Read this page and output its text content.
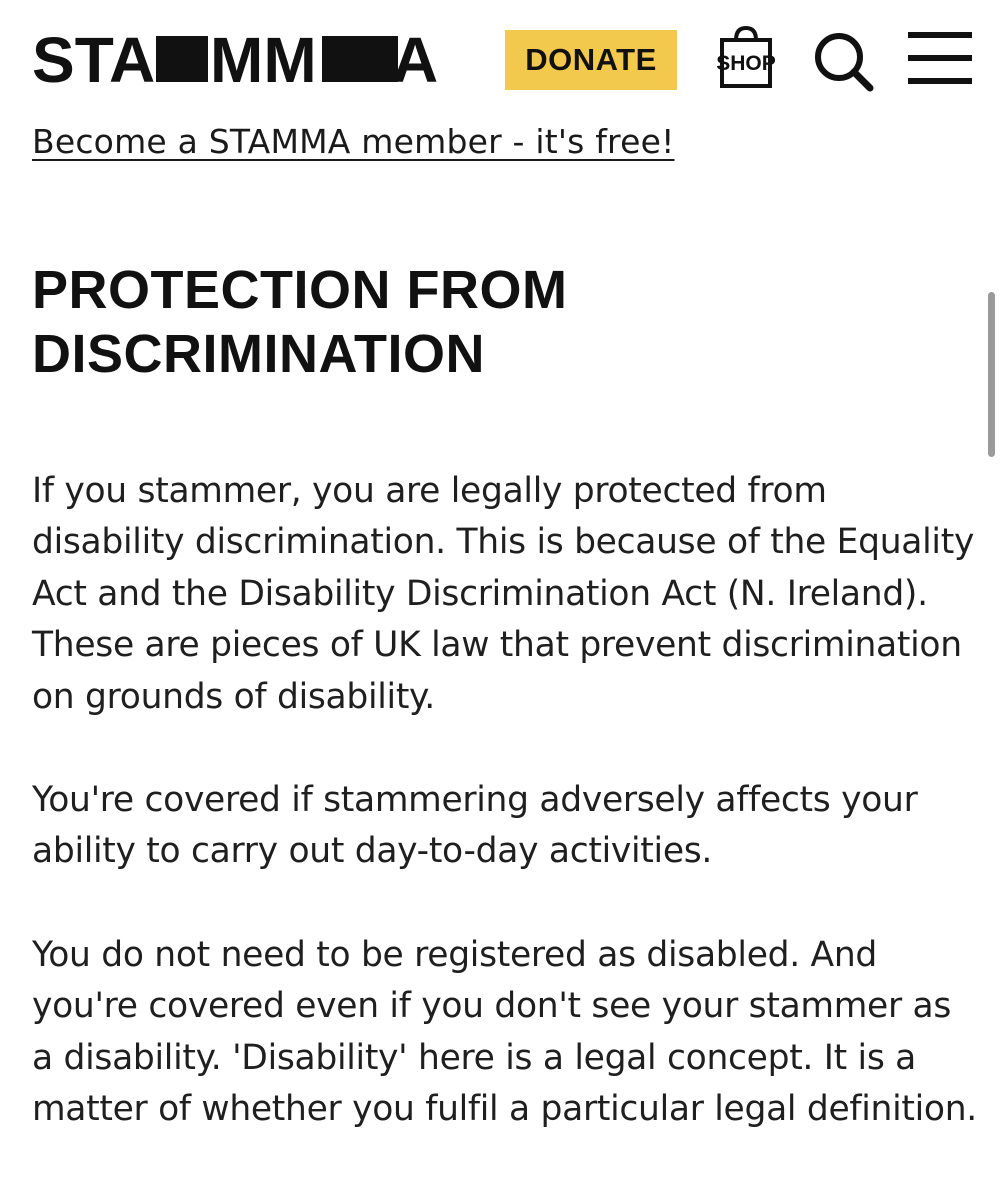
STA MM A	DONATE	SHOP
Become a STAMMA member - it's free!
PROTECTION FROM DISCRIMINATION

If you stammer, you are legally protected from disability discrimination. This is because of the Equality Act and the Disability Discrimination Act (N. Ireland). These are pieces of UK law that prevent discrimination on grounds of disability.

You're covered if stammering adversely affects your ability to carry out day-to-day activities.

You do not need to be registered as disabled. And you're covered even if you don't see your stammer as a disability. 'Disability' here is a legal concept. It is a matter of whether you fulfil a particular legal definition.
